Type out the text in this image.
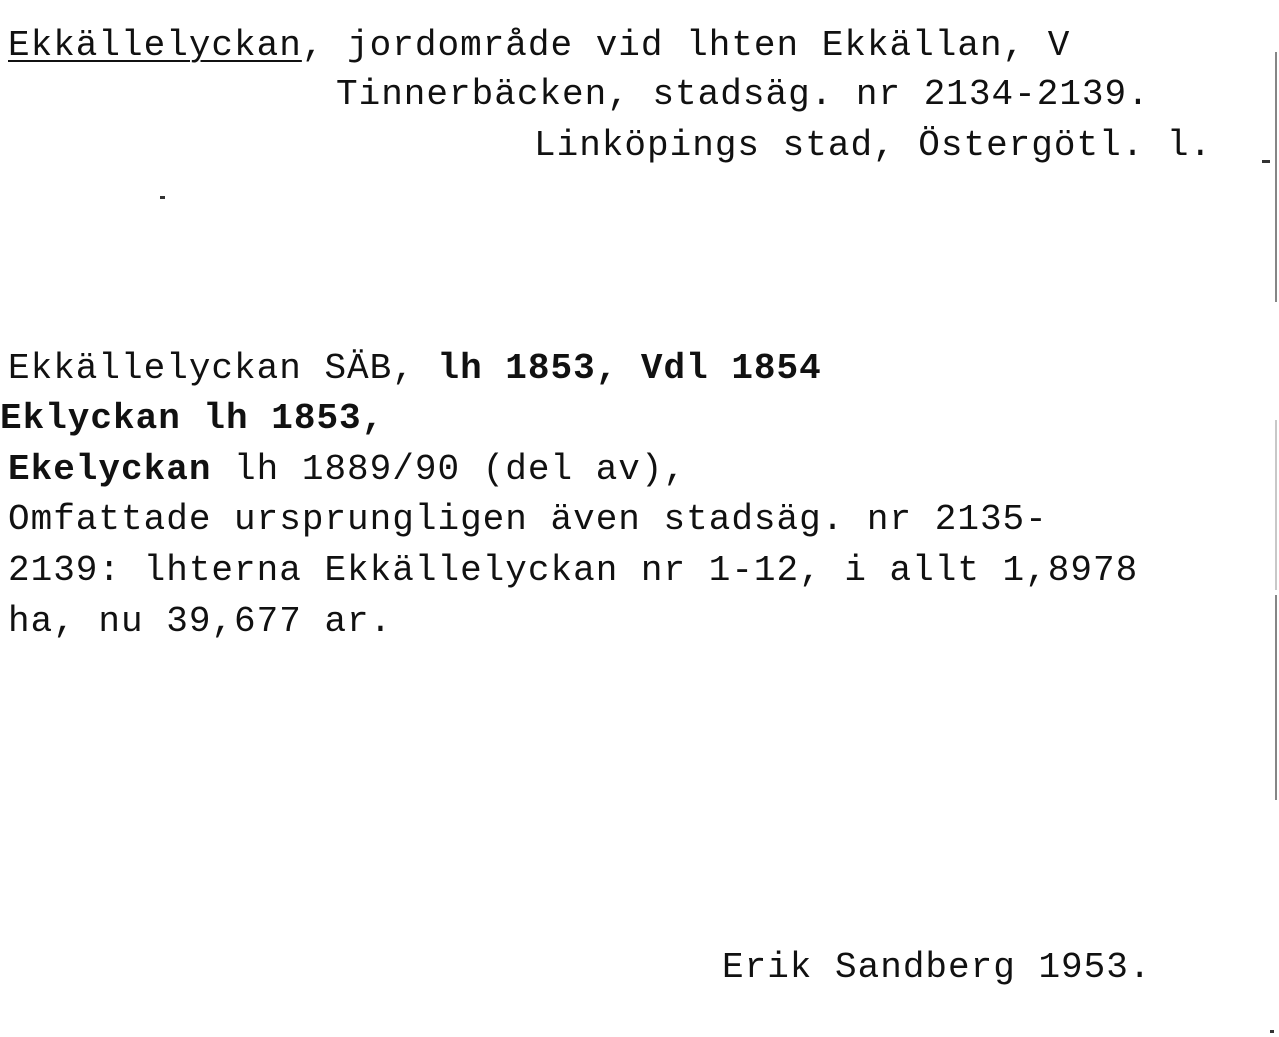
Ekkällelyckan, jordområde vid lhten Ekkällan, V
Tinnerbäcken, stadsäg. nr 2134-2139.
Linköpings stad, Östergötl. l.
Ekkällelyckan SÄB, lh 1853, Vdl 1854
Eklyckan lh 1853,
Ekelyckan lh 1889/90 (del av),
Omfattade ursprungligen även stadsäg. nr 2135-
2139: lhterna Ekkällelyckan nr 1-12, i allt 1,8978
ha, nu 39,677 ar.
Erik Sandberg 1953.
